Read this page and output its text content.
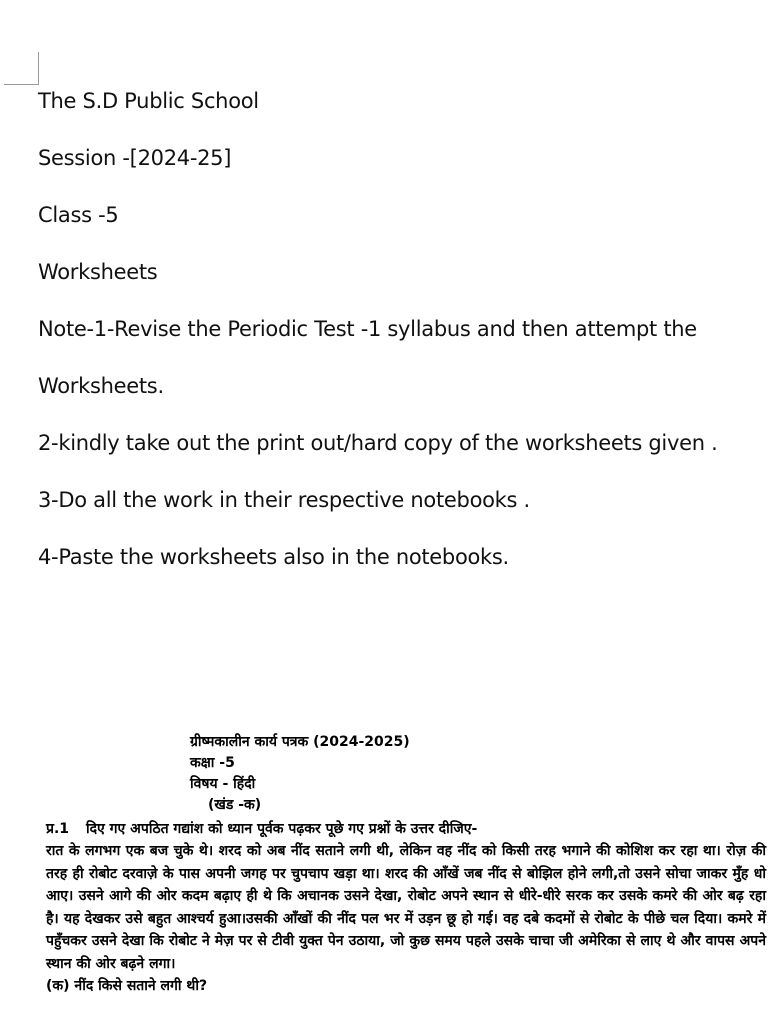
The S.D Public School
Session -[2024-25]
Class -5
Worksheets
Note-1-Revise the Periodic Test -1 syllabus and then attempt the
Worksheets.
2-kindly take out the print out/hard copy of the worksheets given .
3-Do all the work in their respective notebooks .
4-Paste the worksheets also in the notebooks.
ग्रीष्मकालीन कार्य पत्रक (2024-2025)
कक्षा -5
विषय - हिंदी
(खंड -क)
प्र.1 दिए गए अपठित गद्यांश को ध्यान पूर्वक पढ़कर पूछे गए प्रश्नों के उत्तर दीजिए-
रात के लगभग एक बज चुके थे। शरद को अब नींद सताने लगी थी, लेकिन वह नींद को किसी तरह भगाने की कोशिश कर रहा था। रोज़ की तरह ही रोबोट दरवाज़े के पास अपनी जगह पर चुपचाप खड़ा था। शरद की आँखें जब नींद से बोझिल होने लगी,तो उसने सोचा जाकर मुँह धो आए। उसने आगे की ओर कदम बढ़ाए ही थे कि अचानक उसने देखा, रोबोट अपने स्थान से धीरे-धीरे सरक कर उसके कमरे की ओर बढ़ रहा है। यह देखकर उसे बहुत आश्चर्य हुआ।उसकी आँखों की नींद पल भर में उड़न छू हो गई। वह दबे कदमों से रोबोट के पीछे चल दिया। कमरे में पहुँचकर उसने देखा कि रोबोट ने मेज़ पर से टीवी युक्त पेन उठाया, जो कुछ समय पहले उसके चाचा जी अमेरिका से लाए थे और वापस अपने स्थान की ओर बढ़ने लगा।
(क) नींद किसे सताने लगी थी?
